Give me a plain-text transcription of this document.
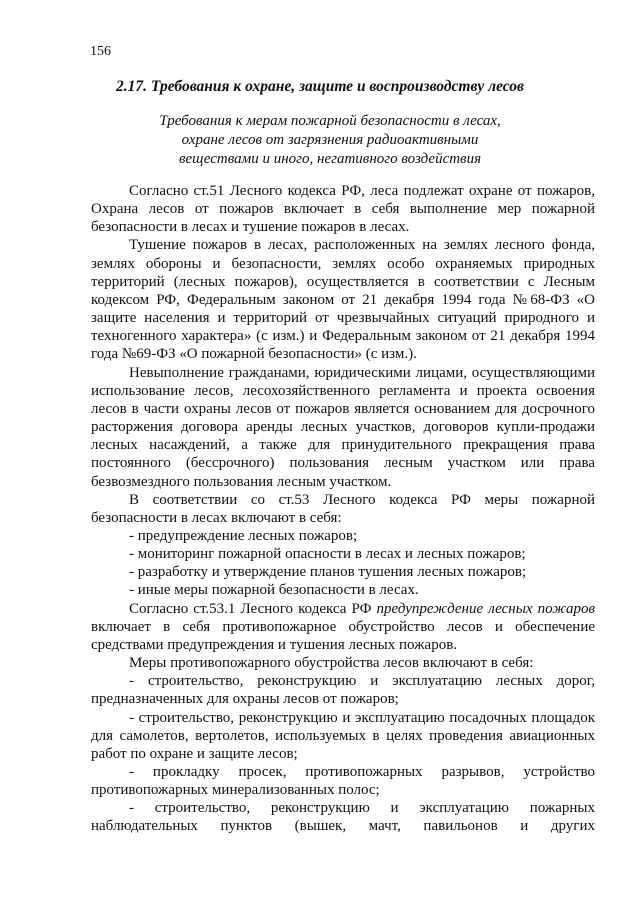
156
2.17. Требования к охране, защите и воспроизводству лесов
Требования к мерам пожарной безопасности в лесах,
охране лесов от загрязнения радиоактивными
веществами и иного, негативного воздействия

Согласно ст.51 Лесного кодекса РФ, леса подлежат охране от пожаров, Охрана лесов от пожаров включает в себя выполнение мер пожарной безопасности в лесах и тушение пожаров в лесах.

Тушение пожаров в лесах, расположенных на землях лесного фонда, землях обороны и безопасности, землях особо охраняемых природных территорий (лесных пожаров), осуществляется в соответствии с Лесным кодексом РФ, Федеральным законом от 21 декабря 1994 года №68-ФЗ «О защите населения и территорий от чрезвычайных ситуаций природного и техногенного характера» (с изм.) и Федеральным законом от 21 декабря 1994 года №69-ФЗ «О пожарной безопасности» (с изм.).

Невыполнение гражданами, юридическими лицами, осуществляющими использование лесов, лесохозяйственного регламента и проекта освоения лесов в части охраны лесов от пожаров является основанием для досрочного расторжения договора аренды лесных участков, договоров купли-продажи лесных насаждений, а также для принудительного прекращения права постоянного (бессрочного) пользования лесным участком или права безвозмездного пользования лесным участком.

В соответствии со ст.53 Лесного кодекса РФ меры пожарной безопасности в лесах включают в себя:

- предупреждение лесных пожаров;

- мониторинг пожарной опасности в лесах и лесных пожаров;

- разработку и утверждение планов тушения лесных пожаров;

- иные меры пожарной безопасности в лесах.

Согласно ст.53.1 Лесного кодекса РФ предупреждение лесных пожаров включает в себя противопожарное обустройство лесов и обеспечение средствами предупреждения и тушения лесных пожаров.

Меры противопожарного обустройства лесов включают в себя:

- строительство, реконструкцию и эксплуатацию лесных дорог, предназначенных для охраны лесов от пожаров;

- строительство, реконструкцию и эксплуатацию посадочных площадок для самолетов, вертолетов, используемых в целях проведения авиационных работ по охране и защите лесов;

- прокладку просек, противопожарных разрывов, устройство противопожарных минерализованных полос;

- строительство, реконструкцию и эксплуатацию пожарных наблюдательных пунктов (вышек, мачт, павильонов и других
